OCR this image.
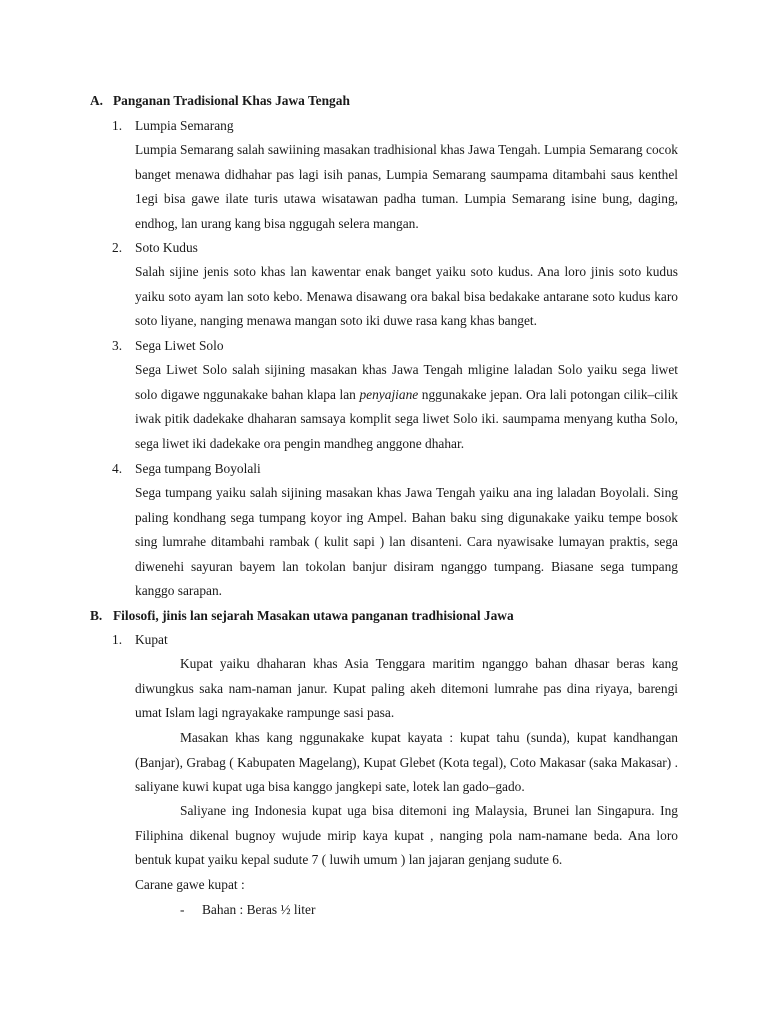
A. Panganan Tradisional Khas Jawa Tengah
1. Lumpia Semarang
Lumpia Semarang salah sawiining masakan tradhisional khas Jawa Tengah. Lumpia Semarang cocok banget menawa didhahar pas lagi isih panas, Lumpia Semarang saumpama ditambahi saus kenthel 1egi bisa gawe ilate turis utawa wisatawan padha tuman. Lumpia Semarang isine bung, daging, endhog, lan urang kang bisa nggugah selera mangan.
2. Soto Kudus
Salah sijine jenis soto khas lan kawentar enak banget yaiku soto kudus. Ana loro jinis soto kudus yaiku soto ayam lan soto kebo. Menawa disawang ora bakal bisa bedakake antarane soto kudus karo soto liyane, nanging menawa mangan soto iki duwe rasa kang khas banget.
3. Sega Liwet Solo
Sega Liwet Solo salah sijining masakan khas Jawa Tengah mligine laladan Solo yaiku sega liwet solo digawe nggunakake bahan klapa lan penyajiane nggunakake jepan. Ora lali potongan cilik–cilik iwak pitik dadekake dhaharan samsaya komplit sega liwet Solo iki. saumpama menyang kutha Solo, sega liwet iki dadekake ora pengin mandheg anggone dhahar.
4. Sega tumpang Boyolali
Sega tumpang yaiku salah sijining masakan khas Jawa Tengah yaiku ana ing laladan Boyolali. Sing paling kondhang sega tumpang koyor ing Ampel. Bahan baku sing digunakake yaiku tempe bosok sing lumrahe ditambahi rambak ( kulit sapi ) lan disanteni. Cara nyawisake lumayan praktis, sega diwenehi sayuran bayem lan tokolan banjur disiram nganggo tumpang. Biasane sega tumpang kanggo sarapan.
B. Filosofi, jinis lan sejarah Masakan utawa panganan tradhisional Jawa
1. Kupat
Kupat yaiku dhaharan khas Asia Tenggara maritim nganggo bahan dhasar beras kang diwungkus saka nam-naman janur. Kupat paling akeh ditemoni lumrahe pas dina riyaya, barengi umat Islam lagi ngrayakake rampunge sasi pasa.
Masakan khas kang nggunakake kupat kayata : kupat tahu (sunda), kupat kandhangan (Banjar), Grabag ( Kabupaten Magelang), Kupat Glebet (Kota tegal), Coto Makasar (saka Makasar) . saliyane kuwi kupat uga bisa kanggo jangkepi sate, lotek lan gado–gado.
Saliyane ing Indonesia kupat uga bisa ditemoni ing Malaysia, Brunei lan Singapura. Ing Filiphina dikenal bugnoy wujude mirip kaya kupat , nanging pola nam-namane beda. Ana loro bentuk kupat yaiku kepal sudute 7 ( luwih umum ) lan jajaran genjang sudute 6.
Carane gawe kupat :
- Bahan : Beras ½ liter
